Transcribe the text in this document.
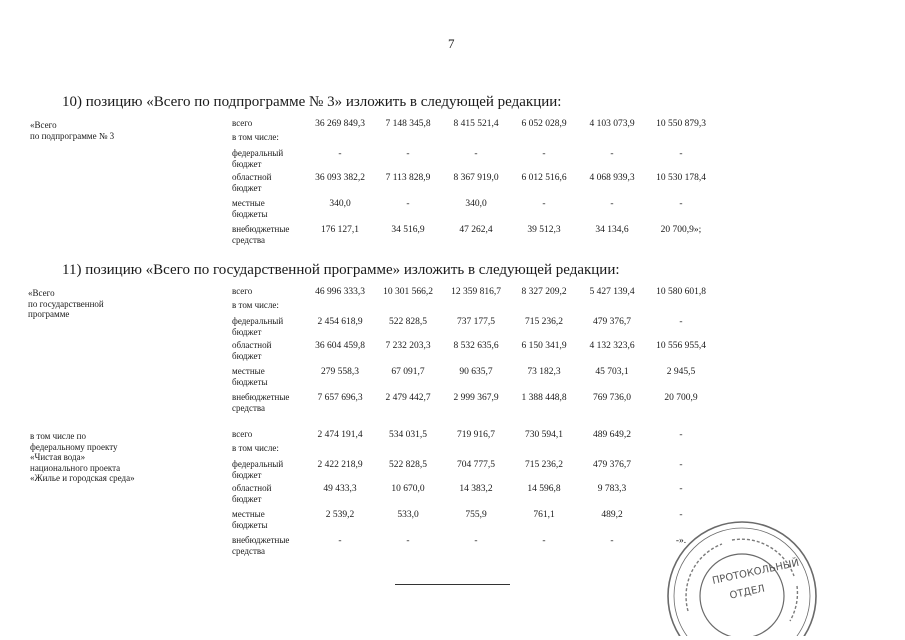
7
10) позицию «Всего по подпрограмме № 3» изложить в следующей редакции:
«Всего
по подпрограмме № 3
всего	36 269 849,3	7 148 345,8	8 415 521,4	6 052 028,9	4 103 073,9	10 550 879,3
в том числе:
федеральный
бюджет
-	-	-	-	-	-
областной
бюджет
36 093 382,2	7 113 828,9	8 367 919,0	6 012 516,6	4 068 939,3	10 530 178,4
местные
бюджеты
340,0	-	340,0	-	-	-
внебюджетные
средства
176 127,1	34 516,9	47 262,4	39 512,3	34 134,6	20 700,9»;
11) позицию «Всего по государственной программе» изложить в следующей редакции:
«Всего
по государственной
программе
всего	46 996 333,3	10 301 566,2	12 359 816,7	8 327 209,2	5 427 139,4	10 580 601,8
в том числе:
федеральный
бюджет
2 454 618,9	522 828,5	737 177,5	715 236,2	479 376,7	-
областной
бюджет
36 604 459,8	7 232 203,3	8 532 635,6	6 150 341,9	4 132 323,6	10 556 955,4
местные
бюджеты
279 558,3	67 091,7	90 635,7	73 182,3	45 703,1	2 945,5
внебюджетные
средства
7 657 696,3	2 479 442,7	2 999 367,9	1 388 448,8	769 736,0	20 700,9
в том числе по
федеральному проекту
«Чистая вода»
национального проекта
«Жилье и городская среда»
всего	2 474 191,4	534 031,5	719 916,7	730 594,1	489 649,2	-
в том числе:
федеральный
бюджет
2 422 218,9	522 828,5	704 777,5	715 236,2	479 376,7	-
областной
бюджет
49 433,3	10 670,0	14 383,2	14 596,8	9 783,3	-
местные
бюджеты
2 539,2	533,0	755,9	761,1	489,2	-
внебюджетные
средства
-	-	-	-	-	-».
ПРОТОКОЛЬНЫЙ
ОТДЕЛ
